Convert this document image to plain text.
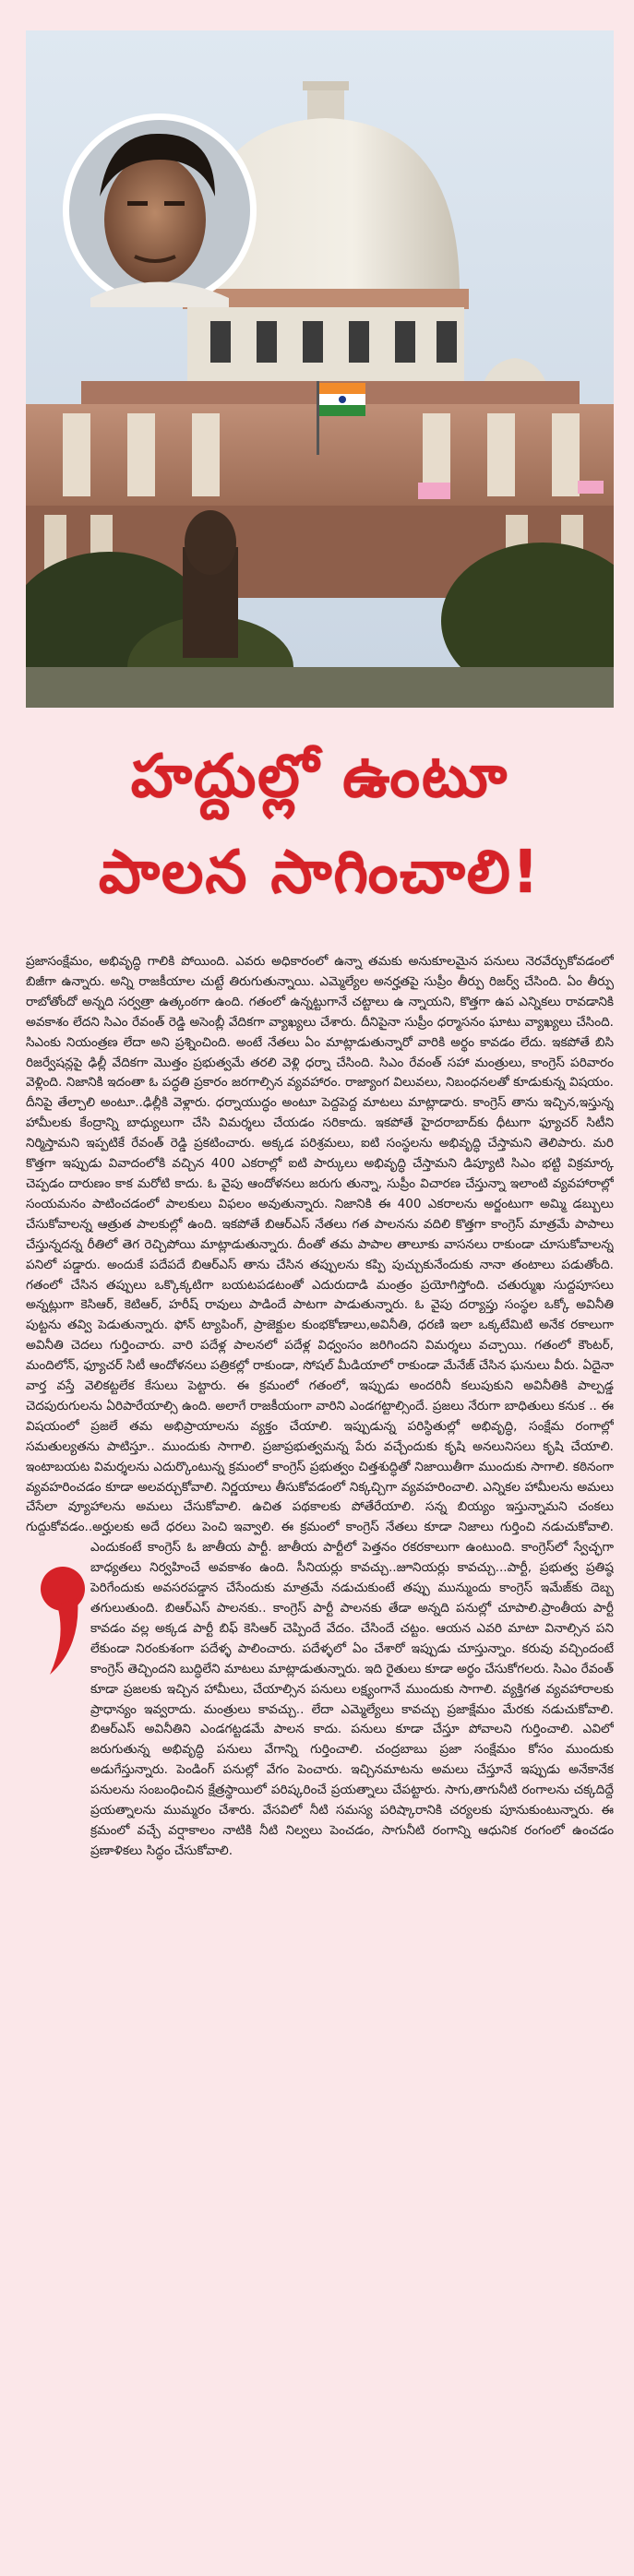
హద్దుల్లో ఉంటూ
పాలన సాగించాలి!

ప్రజాసంక్షేమం, అభివృద్ధి గాలికి పోయింది. ఎవరు అధికారంలో ఉన్నా తమకు అనుకూలమైన పనులు నెరవేర్చుకోవడంలో బిజీగా ఉన్నారు. అన్ని రాజకీయాల చుట్టే తిరుగుతున్నాయి. ఎమ్మెల్యేల అనర్హతపై సుప్రీం తీర్పు రిజర్వ్ చేసింది. ఏం తీర్పు రాబోతోందో అన్నది సర్వత్రా ఉత్కంఠగా ఉంది. గతంలో ఉన్నట్టుగానే చట్టాలు ఉ న్నాయని, కొత్తగా ఉప ఎన్నికలు రావడానికి అవకాశం లేదని సిఎం రేవంత్ రెడ్డి అసెంబ్లీ వేదికగా వ్యాఖ్యలు చేశారు. దీనిపైనా సుప్రీం ధర్మాసనం ఘాటు వ్యాఖ్యలు చేసింది. సిఎంకు నియంత్రణ లేదా అని ప్రశ్నించింది. అంటే నేతలు ఏం మాట్లాడుతున్నారో వారికి అర్థం కావడం లేదు. ఇకపోతే బిసి రిజర్వేషన్లపై ఢిల్లీ వేదికగా మొత్తం ప్రభుత్వమే తరలి వెళ్లి ధర్నా చేసింది. సిఎం రేవంత్ సహా మంత్రులు, కాంగ్రెస్ పరివారం వెళ్లింది. నిజానికి ఇదంతా ఓ పద్ధతి ప్రకారం జరగాల్సిన వ్యవహారం. రాజ్యాంగ విలువలు, నిబంధనలతో కూడుకున్న విషయం. దీనిపై తేల్చాలి అంటూ..ఢిల్లీకి వెళ్లారు. ధర్నాయుద్ధం అంటూ పెద్దపెద్ద మాటలు మాట్లాడారు. కాంగ్రెస్ తాను ఇచ్చిన,ఇస్తున్న హామీలకు కేంద్రాన్ని బాధ్యులుగా చేసి విమర్శలు చేయడం సరికాదు. ఇకపోతే హైదరాబాద్‌కు ధీటుగా ఫ్యూచర్ సిటీని నిర్మిస్తామని ఇప్పటికే రేవంత్ రెడ్డి ప్రకటించారు. అక్కడ పరిశ్రమలు, ఐటి సంస్థలను అభివృద్ధి చేస్తామని తెలిపారు. మరి కొత్తగా ఇప్పుడు వివాదంలోకి వచ్చిన 400 ఎకరాల్లో ఐటి పార్కులు అభివృద్ధి చేస్తామని డిప్యూటి సిఎం భట్టి విక్రమార్క చెప్పడం దారుణం కాక మరోటి కాదు. ఓ వైపు ఆందోళనలు జరుగు తున్నా, సుప్రీం విచారణ చేస్తున్నా ఇలాంటి వ్యవహారాల్లో సంయమనం పాటించడంలో పాలకులు విఫలం అవుతున్నారు. నిజానికి ఈ 400 ఎకరాలను అర్జంటుగా అమ్మి డబ్బులు చేసుకోవాలన్న ఆత్రుత పాలకుల్లో ఉంది. ఇకపోతే బిఆర్ఎస్ నేతలు గత పాలనను వదిలి కొత్తగా కాంగ్రెస్ మాత్రమే పాపాలు చేస్తున్నదన్న రీతిలో తెగ రెచ్చిపోయి మాట్లాడుతున్నారు. దీంతో తమ పాపాల తాలూకు వాసనలు రాకుండా చూసుకోవాలన్న పనిలో పడ్డారు. అందుకే పదేపదే బిఆర్ఎస్ తాను చేసిన తప్పులను కప్పి పుచ్చుకునేందుకు నానా తంటాలు పడుతోంది. గతంలో చేసిన తప్పులు ఒక్కొక్కటిగా బయటపడటంతో ఎదురుదాడి మంత్రం ప్రయోగిస్తోంది. చతుర్ముఖ సుద్దపూసలు అన్నట్లుగా కెసిఆర్, కెటిఆర్, హరీష్ రావులు పాడిందే పాటగా పాడుతున్నారు. ఓ వైపు దర్యాప్తు సంస్థల ఒక్కో అవినీతి పుట్టను తవ్వి పెడుతున్నారు. ఫోన్ ట్యాపింగ్, ప్రాజెక్టుల కుంభకోణాలు,అవినీతి, ధరణి ఇలా ఒక్కటేమిటి అనేక రకాలుగా అవినీతి చెదలు గుర్తించారు. వారి పదేళ్ల పాలనలో పదేళ్ల విధ్వంసం జరిగిందని విమర్శలు వచ్చాయి. గతంలో కౌంటర్, మందిలోన్, ఫ్యూచర్ సిటీ ఆందోళనలు పత్రికల్లో రాకుండా, సోషల్ మీడియాలో రాకుండా మేనేజ్ చేసిన ఘనులు వీరు. ఏదైనా వార్త వస్తే వెలికట్టలేక కేసులు పెట్టారు. ఈ క్రమంలో గతంలో, ఇప్పుడు అందరినీ కలుపుకుని అవినీతికి పాల్పడ్డ చెదపురుగులను ఏరిపారేయాల్సి ఉంది. అలాగే రాజకీయంగా వారిని ఎండగట్టాల్సిందే. ప్రజలు నేరుగా బాధితులు కనుక .. ఈ విషయంలో ప్రజలే తమ అభిప్రాయాలను వ్యక్తం చేయాలి. ఇప్పుడున్న పరిస్థితుల్లో అభివృద్ధి, సంక్షేమ రంగాల్లో సమతుల్యతను పాటిస్తూ.. ముందుకు సాగాలి. ప్రజాప్రభుత్వమన్న పేరు వచ్చేందుకు కృషి అనలునిసలు కృషి చేయాలి. ఇంటాబయట విమర్శలను ఎదుర్కొంటున్న క్రమంలో కాంగ్రెస్ ప్రభుత్వం చిత్తశుద్ధితో నిజాయితీగా ముందుకు సాగాలి. కఠినంగా వ్యవహరించడం కూడా అలవర్చుకోవాలి. నిర్ణయాలు తీసుకోవడంలో నిక్కచ్చిగా వ్యవహరించాలి. ఎన్నికల హామీలను అమలు చేసేలా వ్యూహాలను అమలు చేసుకోవాలి. ఉచిత పథకాలకు పోతేరేయాలి. సన్న బియ్యం ఇస్తున్నామని చంకలు గుద్దుకోవడం..అర్హులకు అదే ధరలు పెంచి ఇవ్వాలి. ఈ క్రమంలో కాంగ్రెస్ నేతలు కూడా నిజాలు గుర్తించి నడుచుకోవాలి. ఎందుకంటే కాంగ్రెస్ ఓ జాతీయ పార్టీ. జాతీయ పార్టీలో పెత్తనం రకరకాలుగా ఉంటుంది. కాంగ్రెస్‌లో స్వేచ్ఛగా బాధ్యతలు నిర్వహించే అవకాశం ఉంది. సీనియర్లు కావచ్చు..జూనియర్లు కావచ్చు...పార్టీ, ప్రభుత్వ ప్రతిష్ఠ పెరిగేందుకు అవసరపడ్డాన చేసేందుకు మాత్రమే నడుచుకుంటే తప్పు మున్ముందు కాంగ్రెస్ ఇమేజ్‌కు దెబ్బ తగులుతుంది. బిఆర్ఎస్ పాలనకు.. కాంగ్రెస్ పార్టీ పాలనకు తేడా అన్నది పనుల్లో చూపాలి.ప్రాంతీయ పార్టీ కావడం వల్ల అక్కడ పార్టీ బిఫ్ కెసిఆర్ చెప్పిందే వేదం. చేసిందే చట్టం. ఆయన ఎవరి మాటా వినాల్సిన పని లేకుండా నిరంకుశంగా పదేళ్ళ పాలించారు. పదేళ్ళలో ఏం చేశారో ఇప్పుడు చూస్తున్నాం. కరువు వచ్చిందంటే కాంగ్రెస్ తెచ్చిందని బుద్ధిలేని మాటలు మాట్లాడుతున్నారు. ఇది రైతులు కూడా అర్థం చేసుకోగలరు. సిఎం రేవంత్ కూడా ప్రజలకు ఇచ్చిన హామీలు, చేయాల్సిన పనులు లక్ష్యంగానే ముందుకు సాగాలి. వ్యక్తిగత వ్యవహారాలకు ప్రాధాన్యం ఇవ్వరాదు. మంత్రులు కావచ్చు.. లేదా ఎమ్మెల్యేలు కావచ్చు ప్రజాక్షేమం మేరకు నడుచుకోవాలి. బిఆర్ఎస్ అవినీతిని ఎండగట్టడమే పాలన కాదు. పనులు కూడా చేస్తూ పోవాలని గుర్తించాలి. ఎవిలో జరుగుతున్న అభివృద్ధి పనులు వేగాన్ని గుర్తించాలి. చంద్రబాబు ప్రజా సంక్షేమం కోసం ముందుకు అడుగేస్తున్నారు. పెండింగ్ పనుల్లో వేగం పెంచారు. ఇచ్చినమాటను అమలు చేస్తూనే ఇప్పుడు అనేకానేక పనులను సంబంధించిన క్షేత్రస్థాయిలో పరిష్కరించే ప్రయత్నాలు చేపట్టారు. సాగు,తాగునీటి రంగాలను చక్కదిద్దే ప్రయత్నాలను ముమ్మరం చేశారు. వేసవిలో నీటి సమస్య పరిష్కారానికి చర్యలకు పూనుకుంటున్నారు. ఈ క్రమంలో వచ్చే వర్షాకాలం నాటికి నీటి నిల్వలు పెంచడం, సాగునీటి రంగాన్ని ఆధునిక రంగంలో ఉంచడం ప్రణాళికలు సిద్ధం చేసుకోవాలి.
